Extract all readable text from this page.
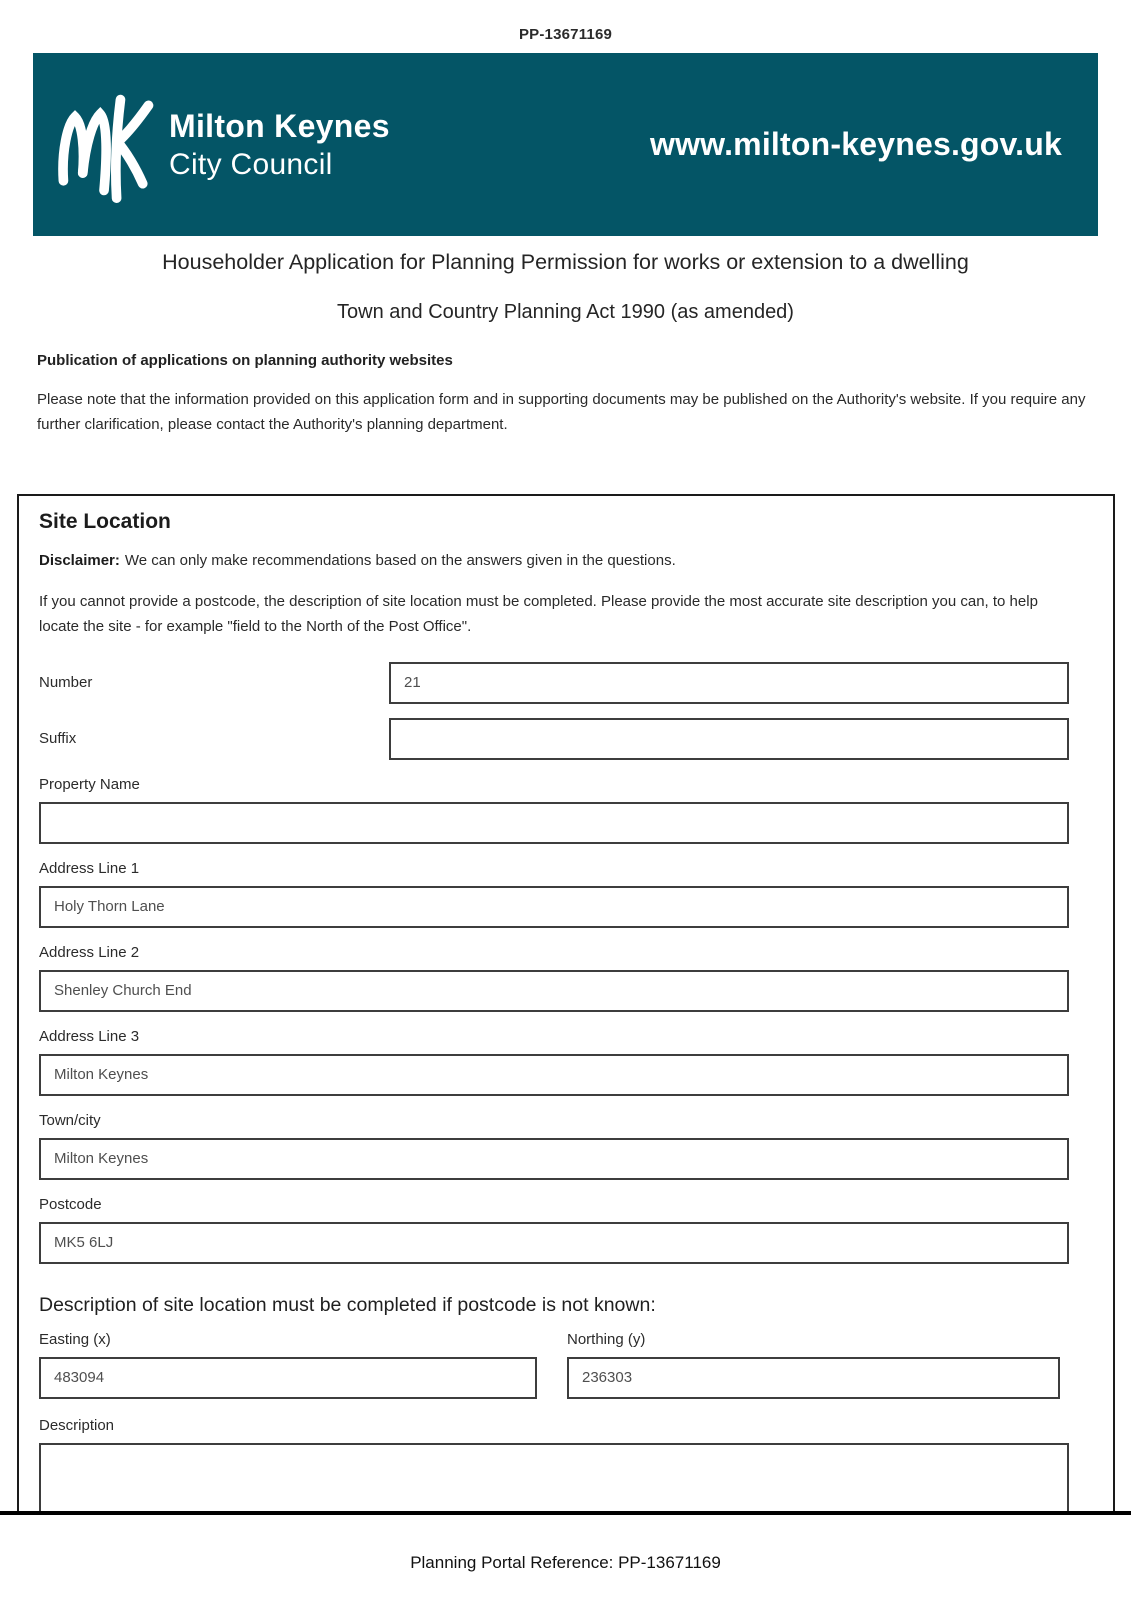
PP-13671169
Milton Keynes
City Council
www.milton-keynes.gov.uk
Householder Application for Planning Permission for works or extension to a dwelling
Town and Country Planning Act 1990 (as amended)

Publication of applications on planning authority websites

Please note that the information provided on this application form and in supporting documents may be published on the Authority's website. If you require any further clarification, please contact the Authority's planning department.

Site Location

Disclaimer: We can only make recommendations based on the answers given in the questions.

If you cannot provide a postcode, the description of site location must be completed. Please provide the most accurate site description you can, to help locate the site - for example "field to the North of the Post Office".

Number
21
Suffix
Property Name
Address Line 1
Holy Thorn Lane
Address Line 2
Shenley Church End
Address Line 3
Milton Keynes
Town/city
Milton Keynes
Postcode
MK5 6LJ
Description of site location must be completed if postcode is not known:
Easting (x)
483094	Northing (y)
236303
Description
Planning Portal Reference: PP-13671169
